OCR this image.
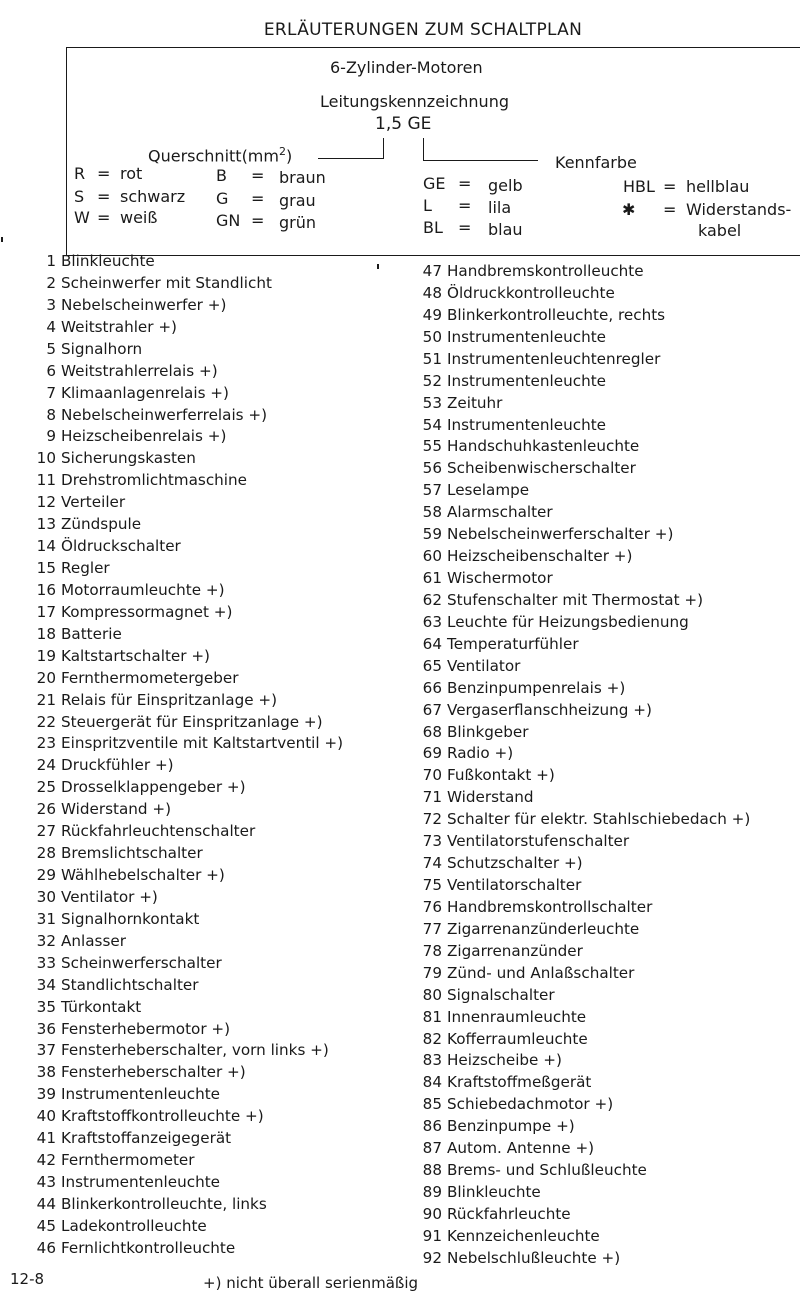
ERLÄUTERUNGEN ZUM SCHALTPLAN
6-Zylinder-Motoren
Leitungskennzeichnung
1,5 GE
$Querschnitt(mm^2)$	Kennfarbe
R = rot
S = schwarz
W = weiß
B = braun
G = grau
GN = grün
GE = gelb
L = lila
BL = blau
HBL = hellblau
✱ = Widerstands-
kabel
1 Blinkleuchte
2 Scheinwerfer mit Standlicht
3 Nebelscheinwerfer +)
4 Weitstrahler +)
5 Signalhorn
6 Weitstrahlerrelais +)
7 Klimaanlagenrelais +)
8 Nebelscheinwerferrelais +)
9 Heizscheibenrelais +)
10 Sicherungskasten
11 Drehstromlichtmaschine
12 Verteiler
13 Zündspule
14 Öldruckschalter
15 Regler
16 Motorraumleuchte +)
17 Kompressormagnet +)
18 Batterie
19 Kaltstartschalter +)
20 Fernthermometergeber
21 Relais für Einspritzanlage +)
22 Steuergerät für Einspritzanlage +)
23 Einspritzventile mit Kaltstartventil +)
24 Druckfühler +)
25 Drosselklappengeber +)
26 Widerstand +)
27 Rückfahrleuchtenschalter
28 Bremslichtschalter
29 Wählhebelschalter +)
30 Ventilator +)
31 Signalhornkontakt
32 Anlasser
33 Scheinwerferschalter
34 Standlichtschalter
35 Türkontakt
36 Fensterhebermotor +)
37 Fensterheberschalter, vorn links +)
38 Fensterheberschalter +)
39 Instrumentenleuchte
40 Kraftstoffkontrolleuchte +)
41 Kraftstoffanzeigegerät
42 Fernthermometer
43 Instrumentenleuchte
44 Blinkerkontrolleuchte, links
45 Ladekontrolleuchte
46 Fernlichtkontrolleuchte
47 Handbremskontrolleuchte
48 Öldruckkontrolleuchte
49 Blinkerkontrolleuchte, rechts
50 Instrumentenleuchte
51 Instrumentenleuchtenregler
52 Instrumentenleuchte
53 Zeituhr
54 Instrumentenleuchte
55 Handschuhkastenleuchte
56 Scheibenwischerschalter
57 Leselampe
58 Alarmschalter
59 Nebelscheinwerferschalter +)
60 Heizscheibenschalter +)
61 Wischermotor
62 Stufenschalter mit Thermostat +)
63 Leuchte für Heizungsbedienung
64 Temperaturfühler
65 Ventilator
66 Benzinpumpenrelais +)
67 Vergaserflanschheizung +)
68 Blinkgeber
69 Radio +)
70 Fußkontakt +)
71 Widerstand
72 Schalter für elektr. Stahlschiebedach +)
73 Ventilatorstufenschalter
74 Schutzschalter +)
75 Ventilatorschalter
76 Handbremskontrollschalter
77 Zigarrenanzünderleuchte
78 Zigarrenanzünder
79 Zünd- und Anlaßschalter
80 Signalschalter
81 Innenraumleuchte
82 Kofferraumleuchte
83 Heizscheibe +)
84 Kraftstoffmeßgerät
85 Schiebedachmotor +)
86 Benzinpumpe +)
87 Autom. Antenne +)
88 Brems- und Schlußleuchte
89 Blinkleuchte
90 Rückfahrleuchte
91 Kennzeichenleuchte
92 Nebelschlußleuchte +)
12-8	+) nicht überall serienmäßig
